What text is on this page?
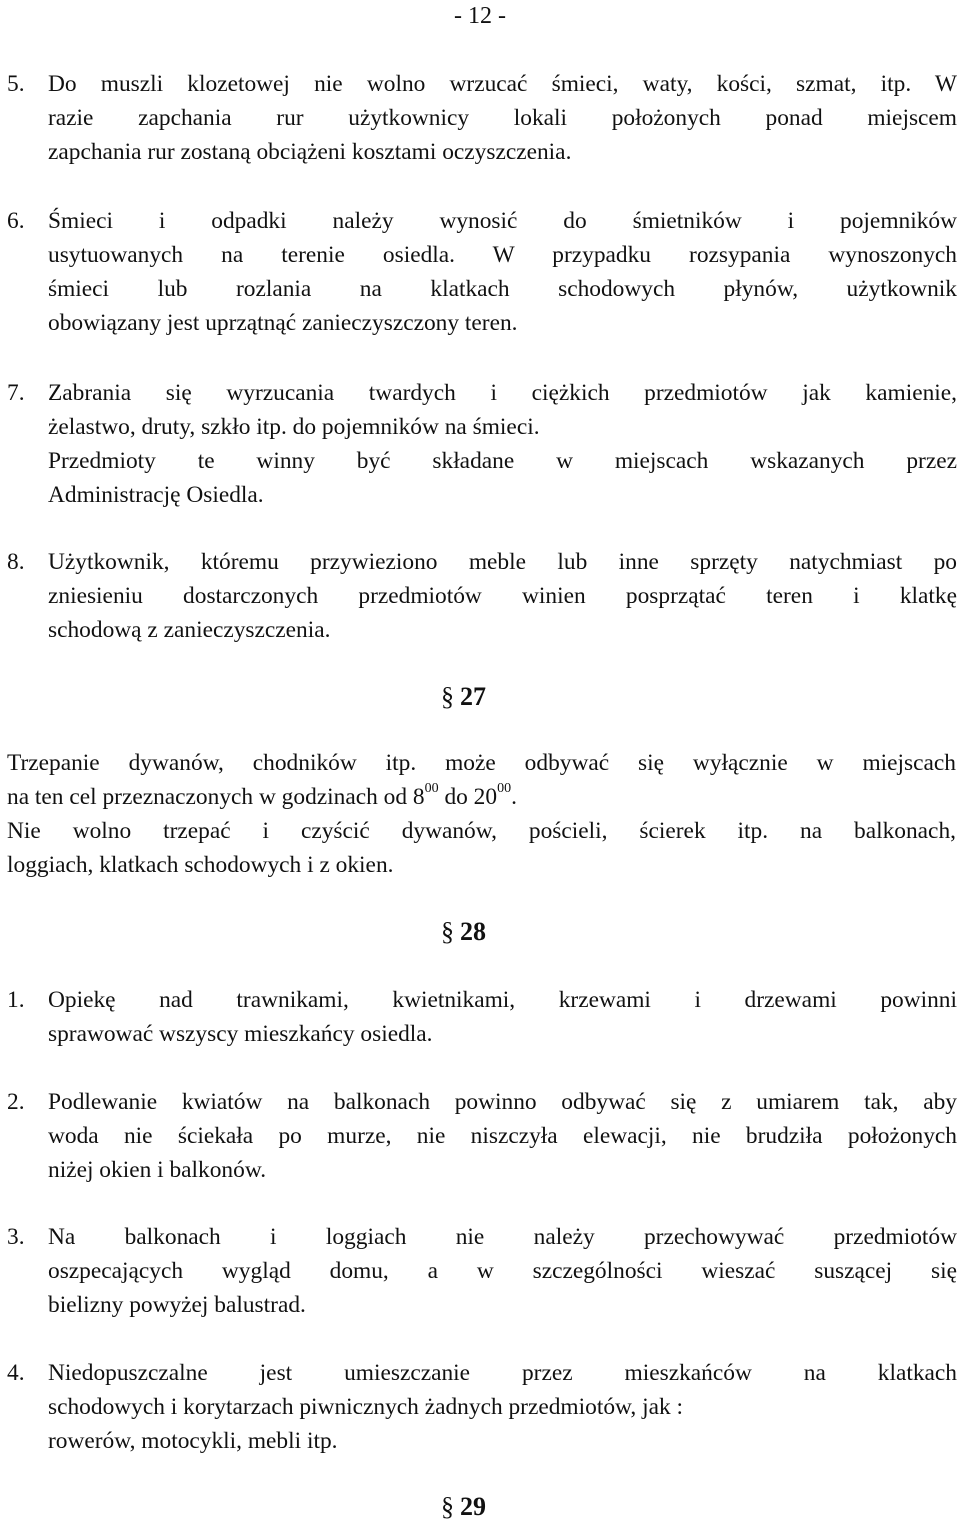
- 12 -
5.	Do muszli klozetowej nie wolno wrzucać śmieci, waty, kości, szmat, itp. W
razie zapchania rur użytkownicy lokali położonych ponad miejscem
zapchania rur zostaną obciążeni kosztami oczyszczenia.
6.	Śmieci i odpadki należy wynosić do śmietników i pojemników
usytuowanych na terenie osiedla. W przypadku rozsypania wynoszonych
śmieci lub rozlania na klatkach schodowych płynów, użytkownik
obowiązany jest uprzątnąć zanieczyszczony teren.
7.	Zabrania się wyrzucania twardych i ciężkich przedmiotów jak kamienie,
żelastwo, druty, szkło itp. do pojemników na śmieci.
Przedmioty te winny być składane w miejscach wskazanych przez
Administrację Osiedla.
8.	Użytkownik, któremu przywieziono meble lub inne sprzęty natychmiast po
zniesieniu dostarczonych przedmiotów winien posprzątać teren i klatkę
schodową z zanieczyszczenia.
§ 27
Trzepanie dywanów, chodników itp. może odbywać się wyłącznie w miejscach
na ten cel przeznaczonych w godzinach od $8^{00}$ do $20^{00}$.
Nie wolno trzepać i czyścić dywanów, pościeli, ścierek itp. na balkonach,
loggiach, klatkach schodowych i z okien.
§ 28
1.	Opiekę nad trawnikami, kwietnikami, krzewami i drzewami powinni
sprawować wszyscy mieszkańcy osiedla.
2.	Podlewanie kwiatów na balkonach powinno odbywać się z umiarem tak, aby
woda nie ściekała po murze, nie niszczyła elewacji, nie brudziła położonych
niżej okien i balkonów.
3.	Na balkonach i loggiach nie należy przechowywać przedmiotów
oszpecających wygląd domu, a w szczególności wieszać suszącej się
bielizny powyżej balustrad.
4.	Niedopuszczalne jest umieszczanie przez mieszkańców na klatkach
schodowych i korytarzach piwnicznych żadnych przedmiotów, jak :
rowerów, motocykli, mebli itp.
§ 29
